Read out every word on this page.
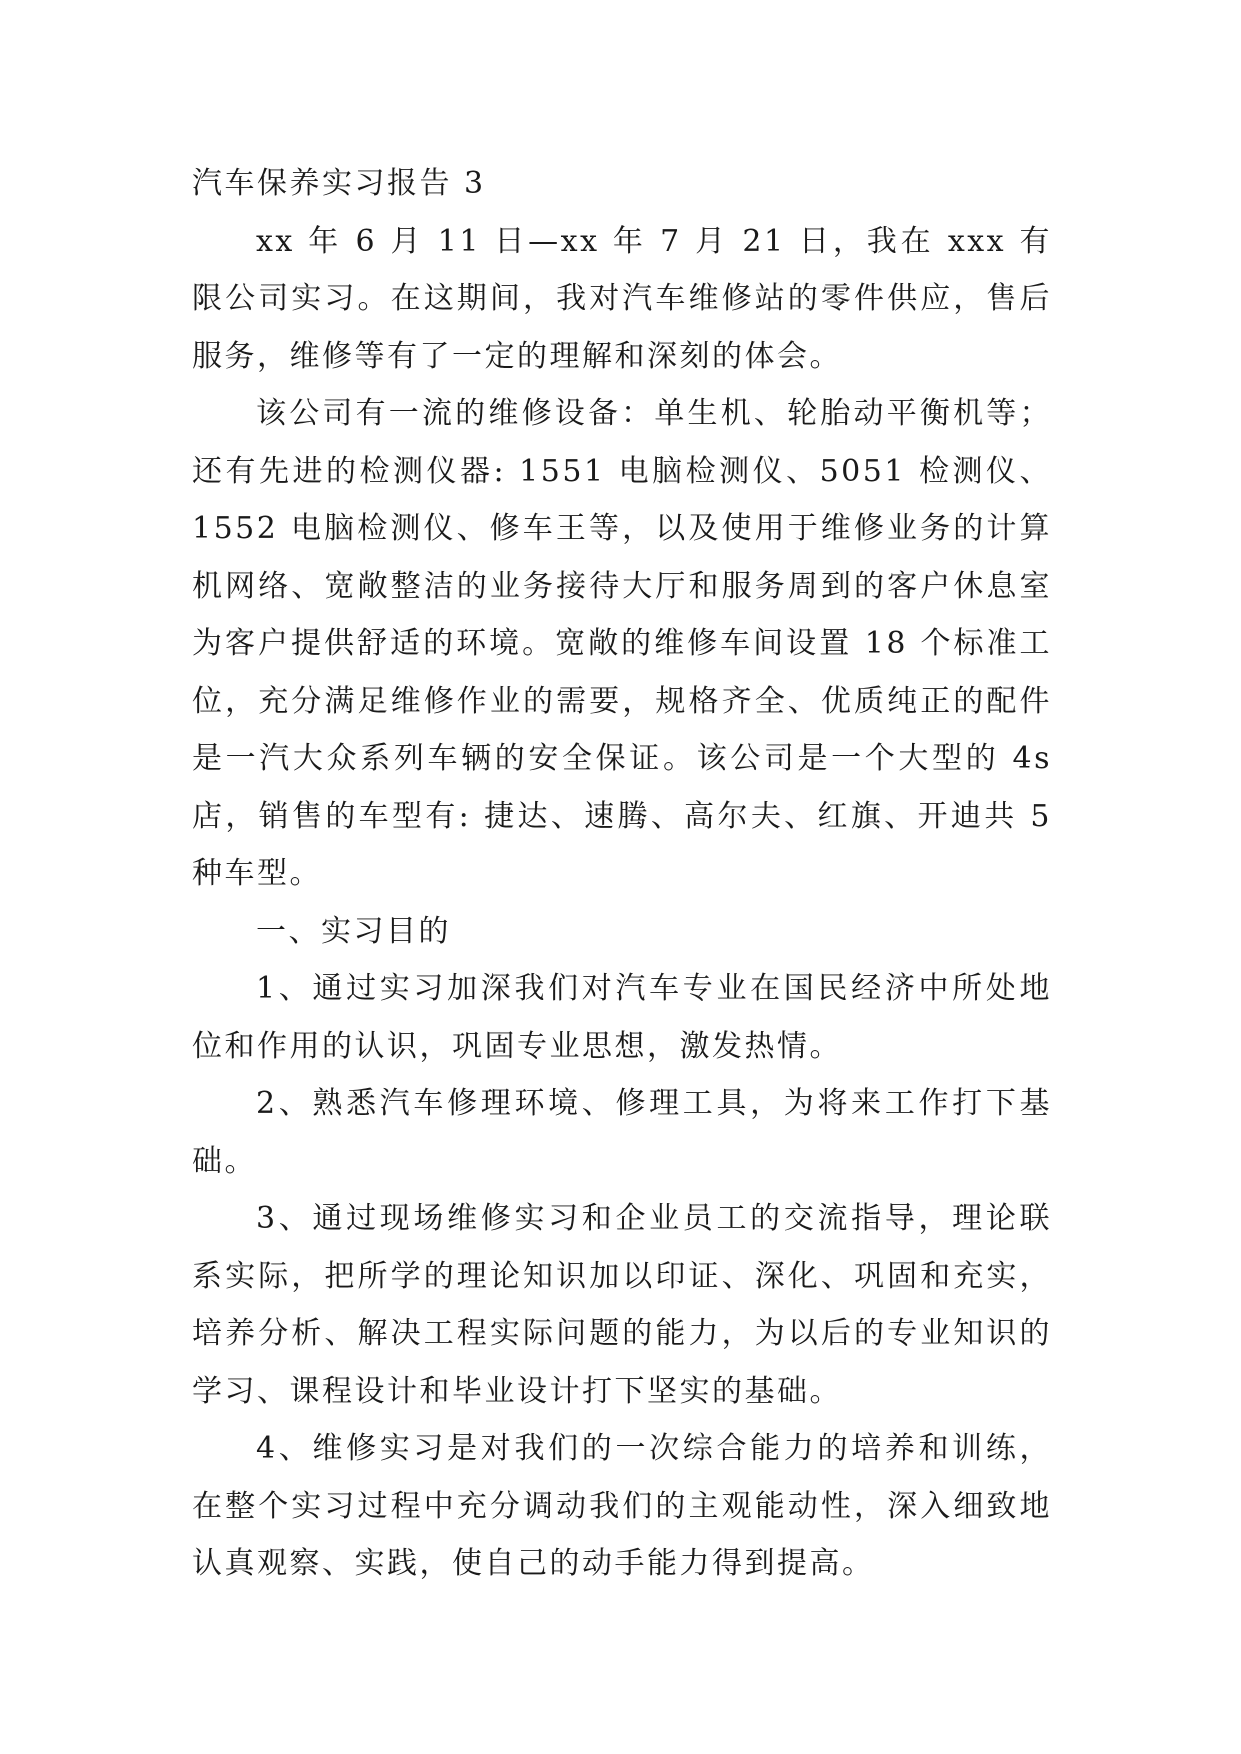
汽车保养实习报告 3

xx 年 6 月 11 日—xx 年 7 月 21 日，我在 xxx 有限公司实习。在这期间，我对汽车维修站的零件供应，售后服务，维修等有了一定的理解和深刻的体会。

该公司有一流的维修设备：单生机、轮胎动平衡机等；还有先进的检测仪器: 1551 电脑检测仪、5051 检测仪、1552 电脑检测仪、修车王等，以及使用于维修业务的计算机网络、宽敞整洁的业务接待大厅和服务周到的客户休息室为客户提供舒适的环境。宽敞的维修车间设置 18 个标准工位，充分满足维修作业的需要，规格齐全、优质纯正的配件是一汽大众系列车辆的安全保证。该公司是一个大型的 4s 店，销售的车型有: 捷达、速腾、高尔夫、红旗、开迪共 5 种车型。

一、实习目的

1、通过实习加深我们对汽车专业在国民经济中所处地位和作用的认识，巩固专业思想，激发热情。

2、熟悉汽车修理环境、修理工具，为将来工作打下基础。

3、通过现场维修实习和企业员工的交流指导，理论联系实际，把所学的理论知识加以印证、深化、巩固和充实，培养分析、解决工程实际问题的能力，为以后的专业知识的学习、课程设计和毕业设计打下坚实的基础。

4、维修实习是对我们的一次综合能力的培养和训练，在整个实习过程中充分调动我们的主观能动性，深入细致地认真观察、实践，使自己的动手能力得到提高。
